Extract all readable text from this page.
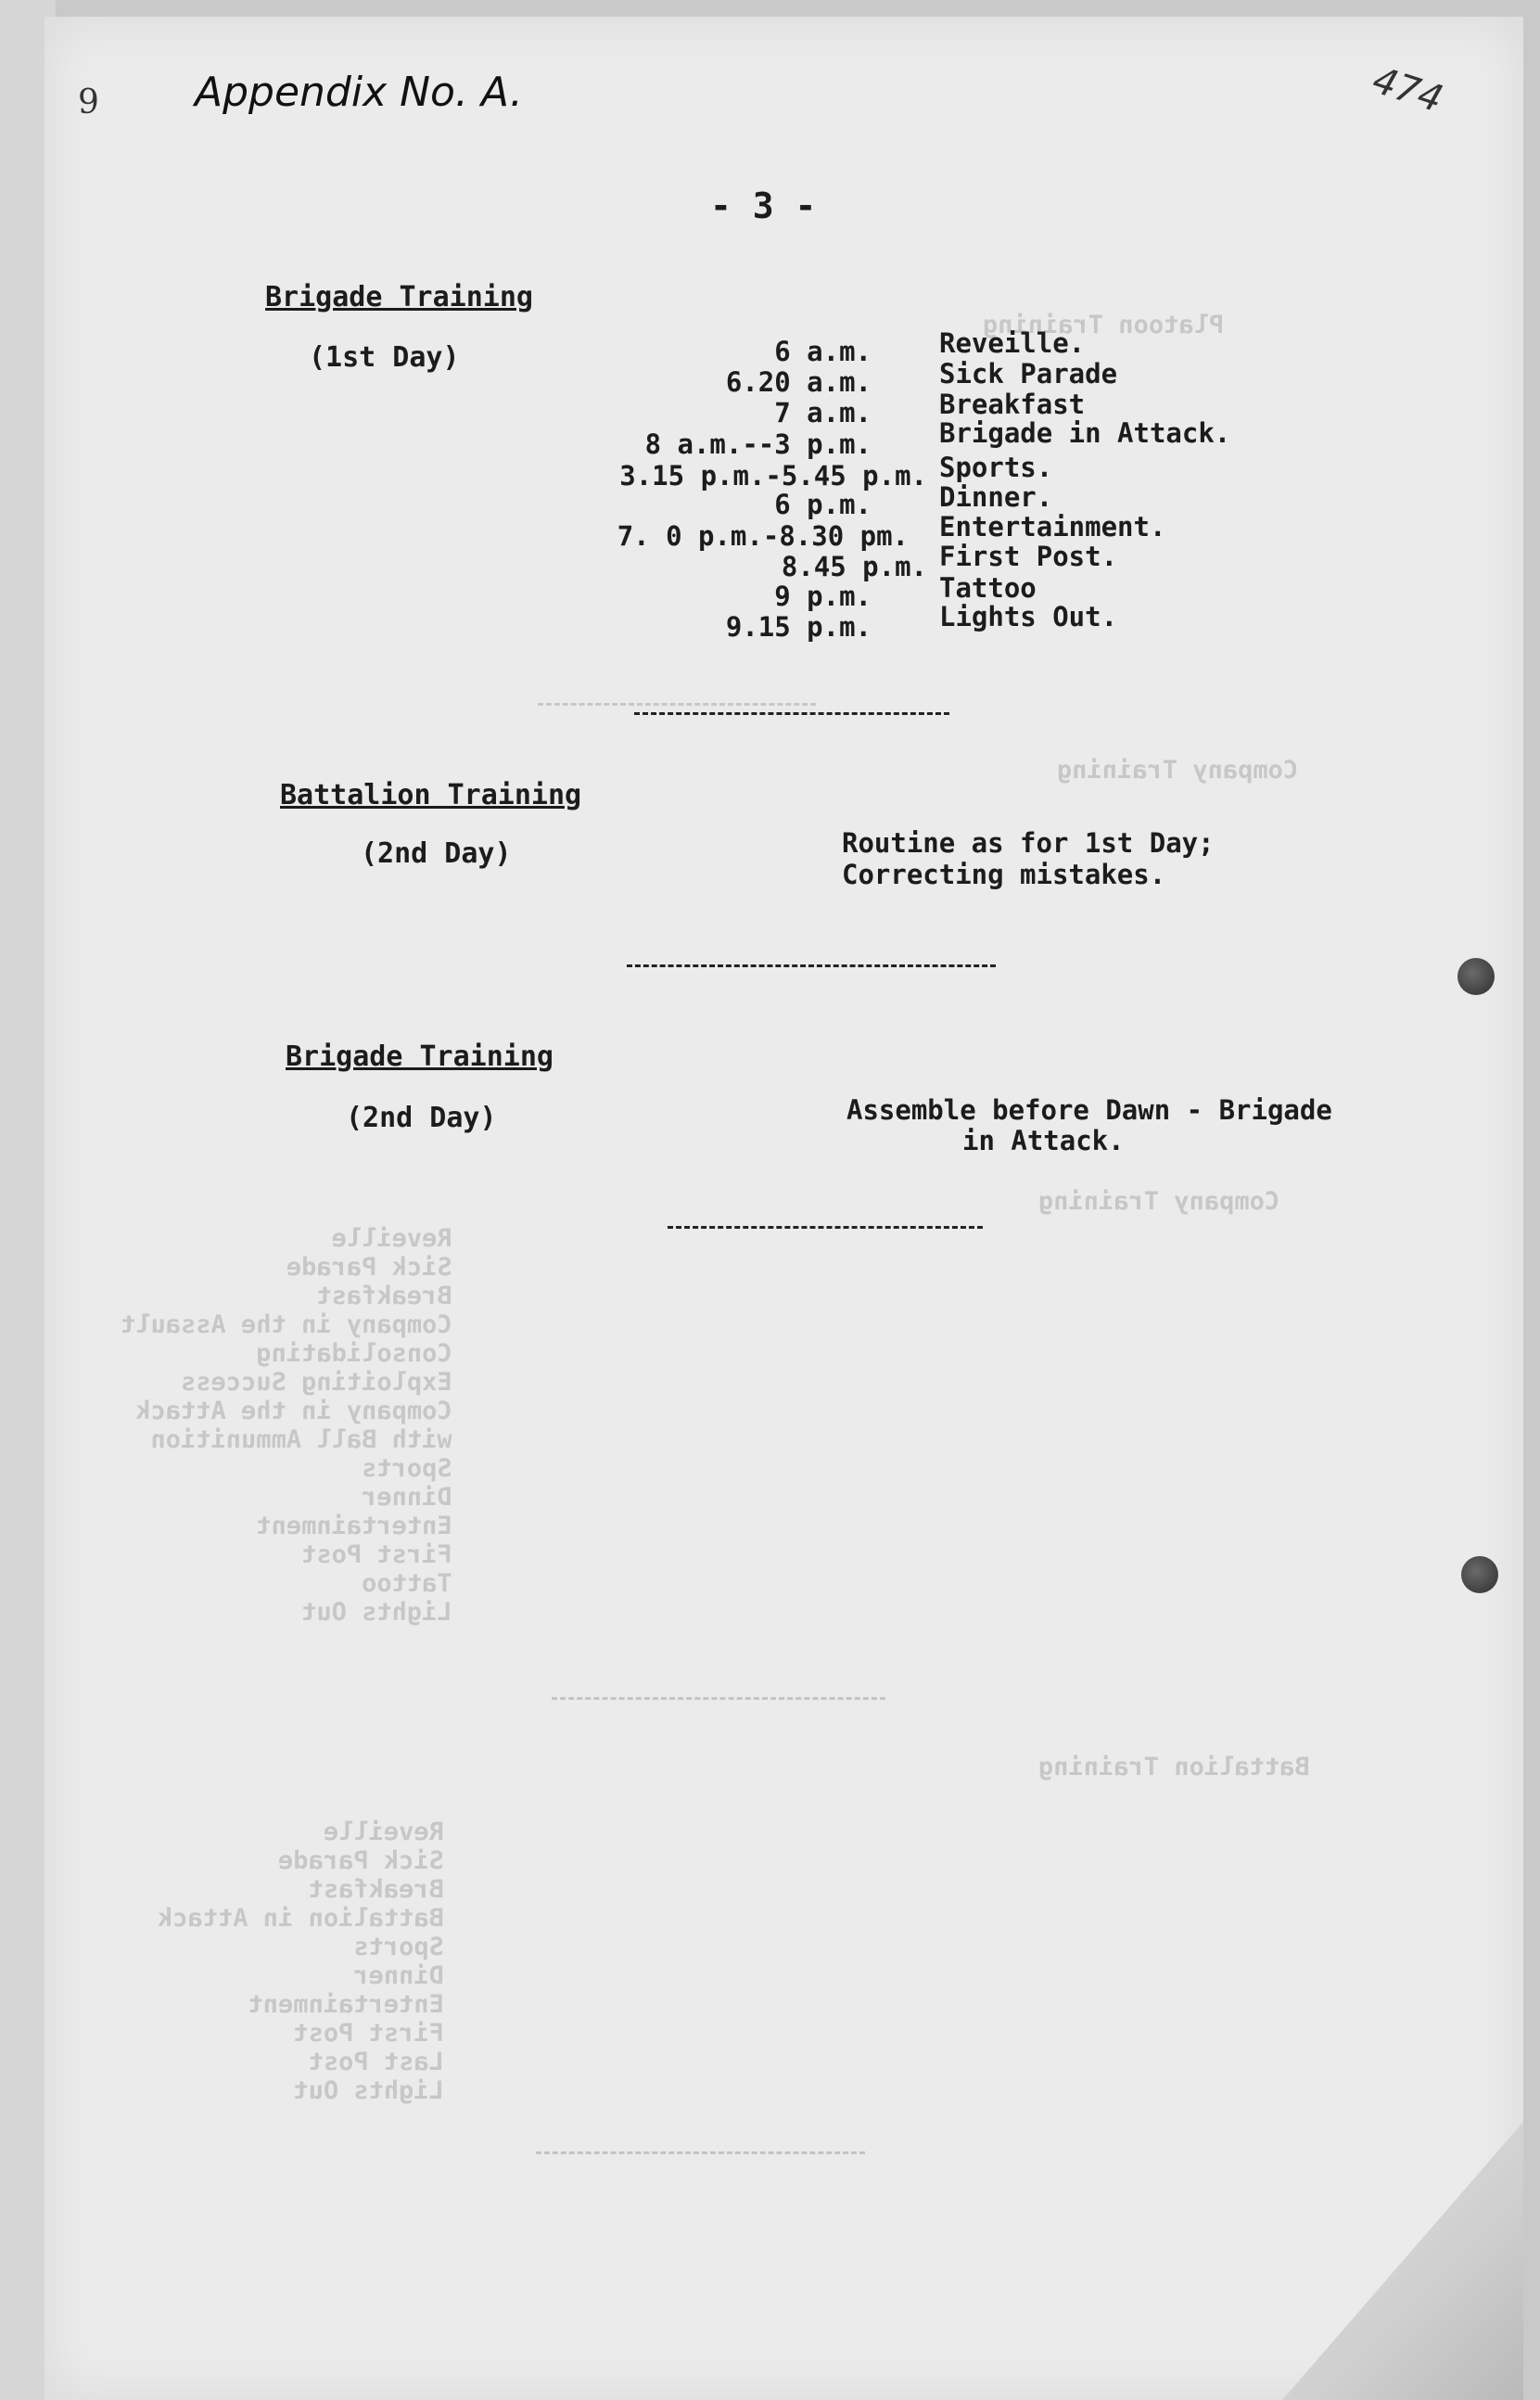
Platoon Training
Company Training
Company Training
Battalion Training
Reveille
Sick Parade
Breakfast
Battalion in Attack
Sports
Dinner
Entertainment
First Post
Last Post
Lights Out
Reveille
Sick Parade
Breakfast
Company in the Assault
Consolidating
Exploiting Success
Company in the Attack
with Ball Ammunition
Sports
Dinner
Entertainment
First Post
Tattoo
Lights Out
9 Appendix No. A.	474
- 3 -
Brigade Training
(1st Day)	6 a.m.	Reveille.
6.20 a.m.	Sick Parade
7 a.m.	Breakfast
8 a.m.--3 p.m.	Brigade in Attack.
3.15 p.m.-5.45 p.m. Sports.
6 p.m.	Dinner.
7. 0 p.m.-8.30 pm. Entertainment.
8.45 p.m. First Post.
9 p.m.	Tattoo
9.15 p.m.	Lights Out.
Battalion Training
(2nd Day)	Routine as for 1st Day;
Correcting mistakes.
Brigade Training
(2nd Day)	Assemble before Dawn - Brigade
in Attack.
